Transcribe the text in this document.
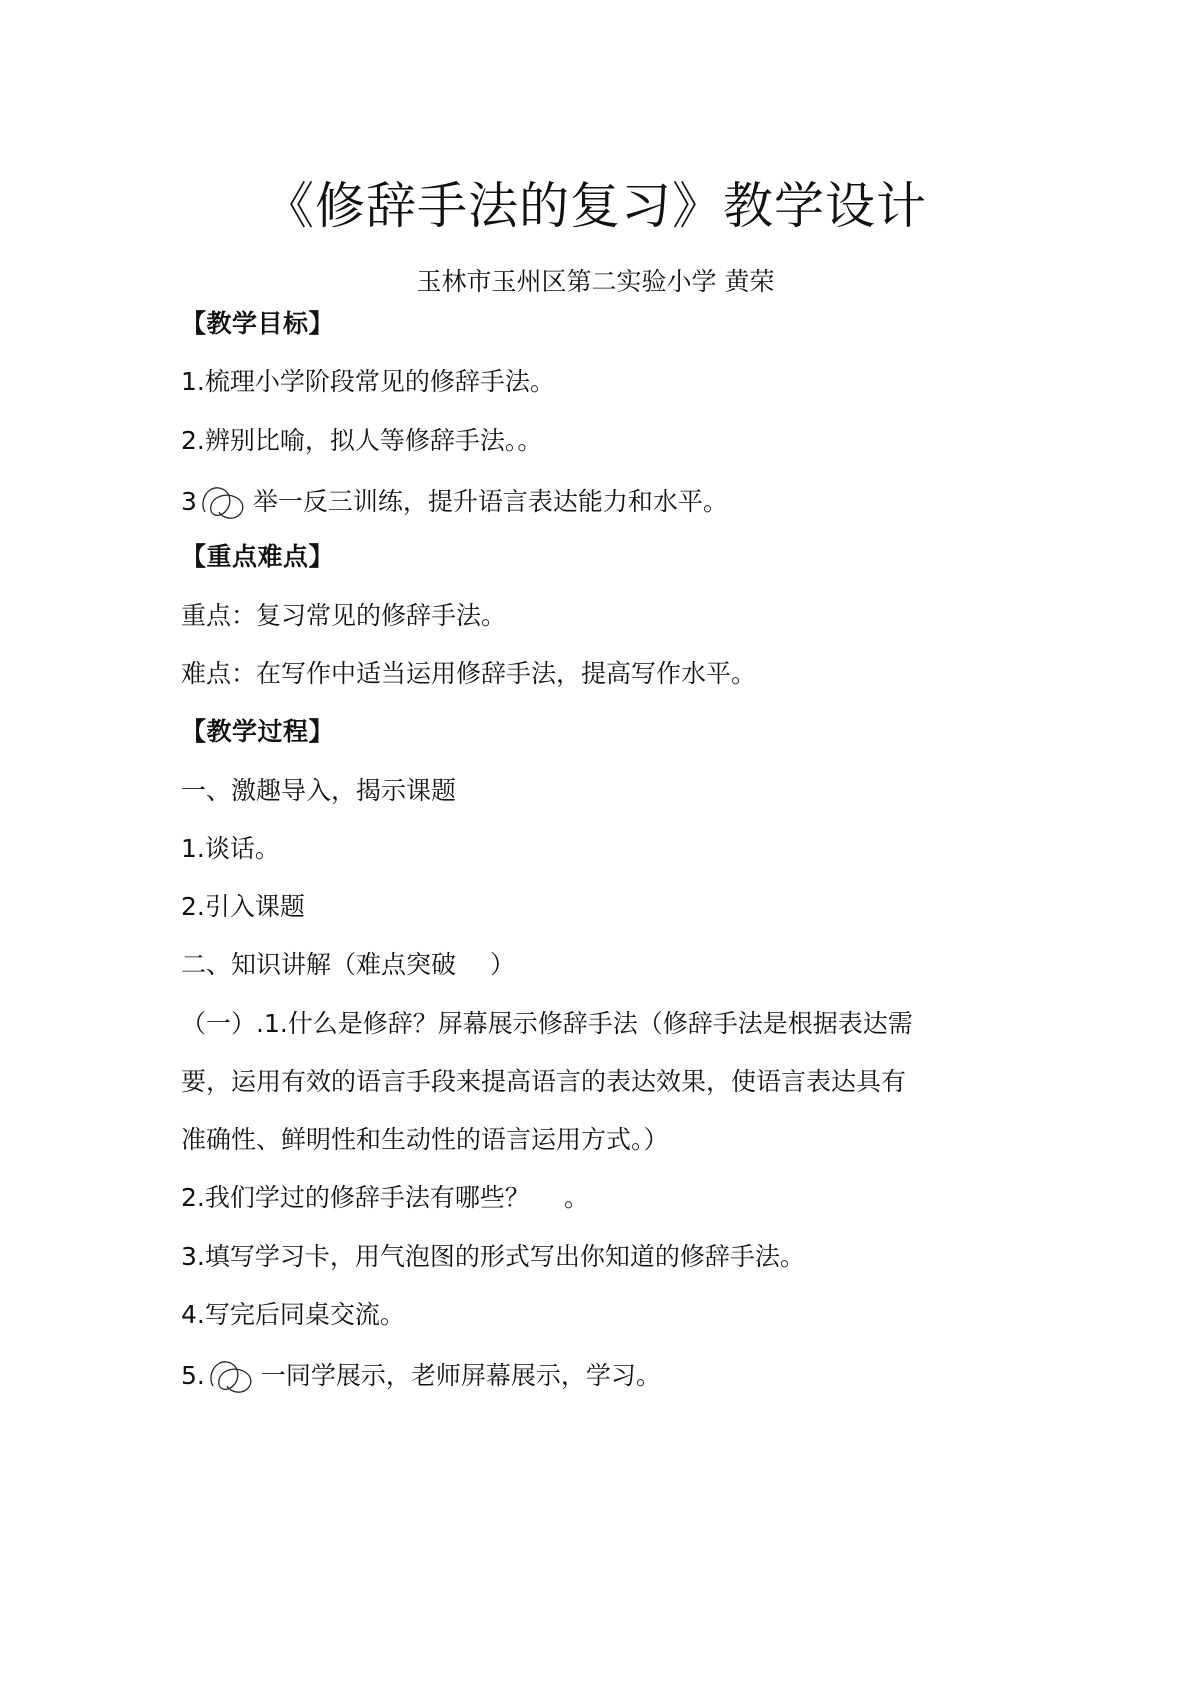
《修辞手法的复习》教学设计
玉林市玉州区第二实验小学 黄荣
【教学目标】
1.梳理小学阶段常见的修辞手法。
2.辨别比喻，拟人等修辞手法。。
3 举一反三训练，提升语言表达能力和水平。
【重点难点】
重点：复习常见的修辞手法。
难点：在写作中适当运用修辞手法，提高写作水平。
【教学过程】
一、激趣导入，揭示课题
1.谈话。
2.引入课题
二、知识讲解（难点突破 ）
（一）.1.什么是修辞？屏幕展示修辞手法（修辞手法是根据表达需
要，运用有效的语言手段来提高语言的表达效果，使语言表达具有
准确性、鲜明性和生动性的语言运用方式。）
2.我们学过的修辞手法有哪些？ 。
3.填写学习卡，用气泡图的形式写出你知道的修辞手法。
4.写完后同桌交流。
5. 一同学展示，老师屏幕展示，学习。
